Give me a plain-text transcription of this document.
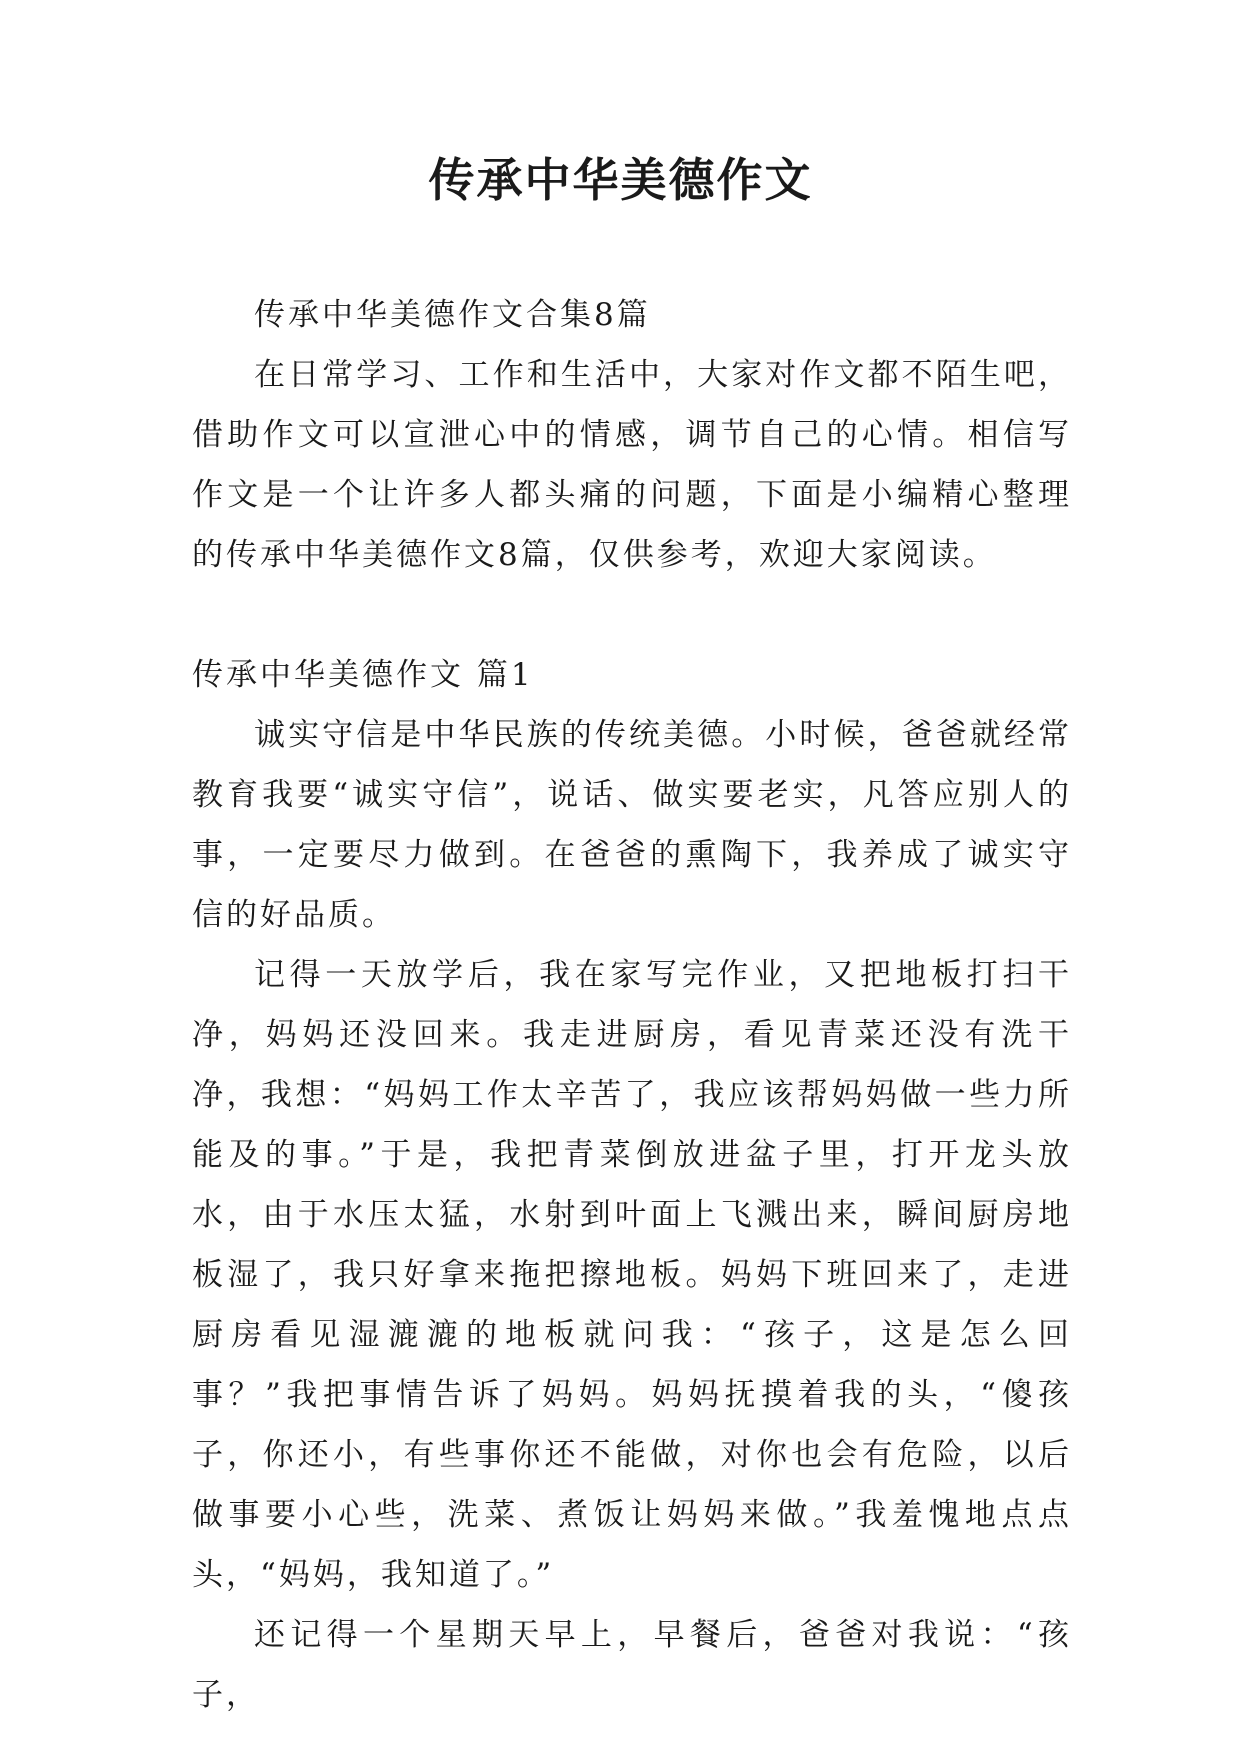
传承中华美德作文

传承中华美德作文合集8篇

在日常学习、工作和生活中，大家对作文都不陌生吧，借助作文可以宣泄心中的情感，调节自己的心情。相信写作文是一个让许多人都头痛的问题，下面是小编精心整理的传承中华美德作文8篇，仅供参考，欢迎大家阅读。

传承中华美德作文 篇1

诚实守信是中华民族的传统美德。小时候，爸爸就经常教育我要“诚实守信”，说话、做实要老实，凡答应别人的事，一定要尽力做到。在爸爸的熏陶下，我养成了诚实守信的好品质。

记得一天放学后，我在家写完作业，又把地板打扫干净，妈妈还没回来。我走进厨房，看见青菜还没有洗干净，我想：“妈妈工作太辛苦了，我应该帮妈妈做一些力所能及的事。”于是，我把青菜倒放进盆子里，打开龙头放水，由于水压太猛，水射到叶面上飞溅出来，瞬间厨房地板湿了，我只好拿来拖把擦地板。妈妈下班回来了，走进厨房看见湿漉漉的地板就问我：“孩子，这是怎么回事？”我把事情告诉了妈妈。妈妈抚摸着我的头，“傻孩子，你还小，有些事你还不能做，对你也会有危险，以后做事要小心些，洗菜、煮饭让妈妈来做。”我羞愧地点点头，“妈妈，我知道了。”

还记得一个星期天早上，早餐后，爸爸对我说：“孩子，
